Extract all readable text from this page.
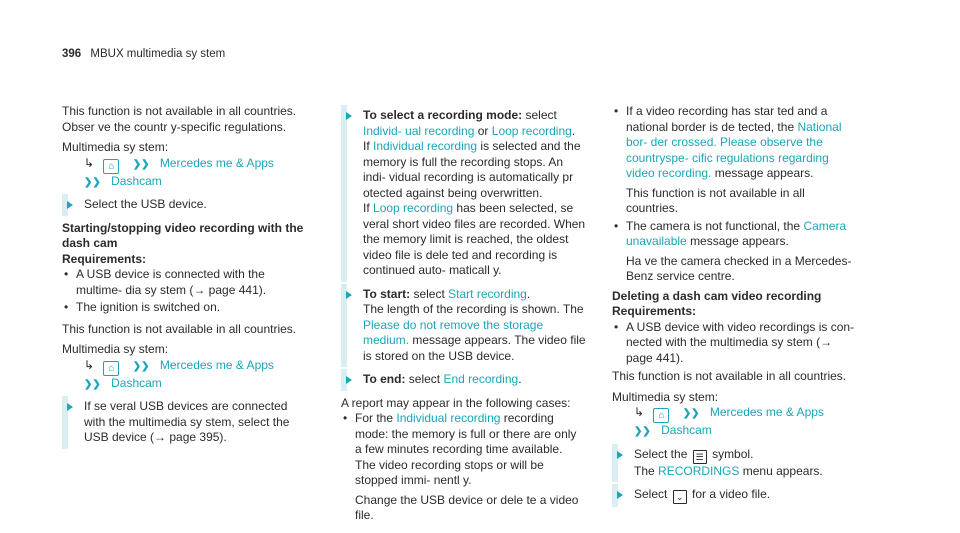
396 MBUX multimedia sy stem

This function is not available in all countries. Obser ve the countr y-specific regulations.

Multimedia sy stem:

↳ ⌂ ❯❯ Mercedes me & Apps
❯❯ Dashcam
Select the USB device.

Starting/stopping video recording with the dash cam

Requirements:

• A USB device is connected with the multime‐ dia sy stem (→ page 441).
• The ignition is switched on.

This function is not available in all countries.

Multimedia sy stem:

↳ ⌂ ❯❯ Mercedes me & Apps
❯❯ Dashcam
If se veral USB devices are connected with the multimedia sy stem, select the USB device (→ page 395).
To select a recording mode: select Individ‐ ual recording or Loop recording.
If Individual recording is selected and the memory is full the recording stops. An indi‐ vidual recording is automatically pr otected against being overwritten.
If Loop recording has been selected, se veral short video files are recorded. When the memory limit is reached, the oldest video file is dele ted and recording is continued auto‐ maticall y.
To start: select Start recording.
The length of the recording is shown. The Please do not remove the storage medium. message appears. The video file is stored on the USB device.
To end: select End recording.

A report may appear in the following cases:

• For the Individual recording recording mode: the memory is full or there are only a few minutes recording time available. The video recording stops or will be stopped immi‐ nentl y.
Change the USB device or dele te a video file.
• If a video recording has star ted and a national border is de tected, the National bor‐ der crossed. Please observe the countryspe‐ cific regulations regarding video recording. message appears.
This function is not available in all countries.
• The camera is not functional, the Camera unavailable message appears.
Ha ve the camera checked in a Mercedes- Benz service centre.

Deleting a dash cam video recording

Requirements:

• A USB device with video recordings is con‐ nected with the multimedia sy stem (→ page 441).

This function is not available in all countries.

Multimedia sy stem:

↳ ⌂ ❯❯ Mercedes me & Apps
❯❯ Dashcam
Select the ☰ symbol.
The RECORDINGS menu appears.
Select ⌄ for a video file.
